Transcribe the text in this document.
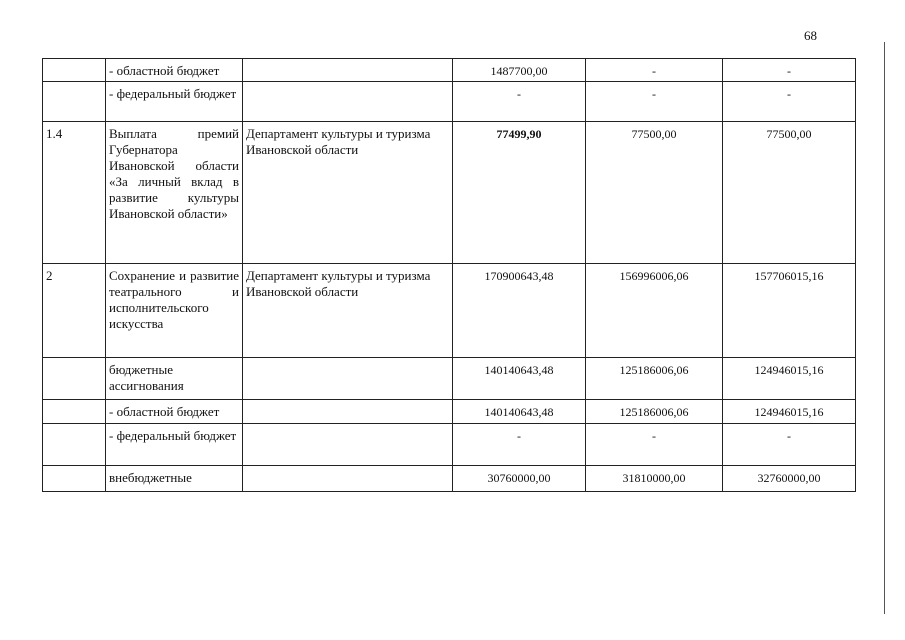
68
	- областной бюджет		1487700,00	-	-
	- федеральный бюджет		-	-	-
1.4	Выплата премий Губернатора Ивановской области «За личный вклад в развитие культуры Ивановской области»	Департамент культуры и туризма Ивановской области	77499,90	77500,00	77500,00
2	Сохранение и развитие театрального и исполнительского искусства	Департамент культуры и туризма Ивановской области	170900643,48	156996006,06	157706015,16
	бюджетные ассигнования		140140643,48	125186006,06	124946015,16
	- областной бюджет		140140643,48	125186006,06	124946015,16
	- федеральный бюджет		-	-	-
	внебюджетные		30760000,00	31810000,00	32760000,00
